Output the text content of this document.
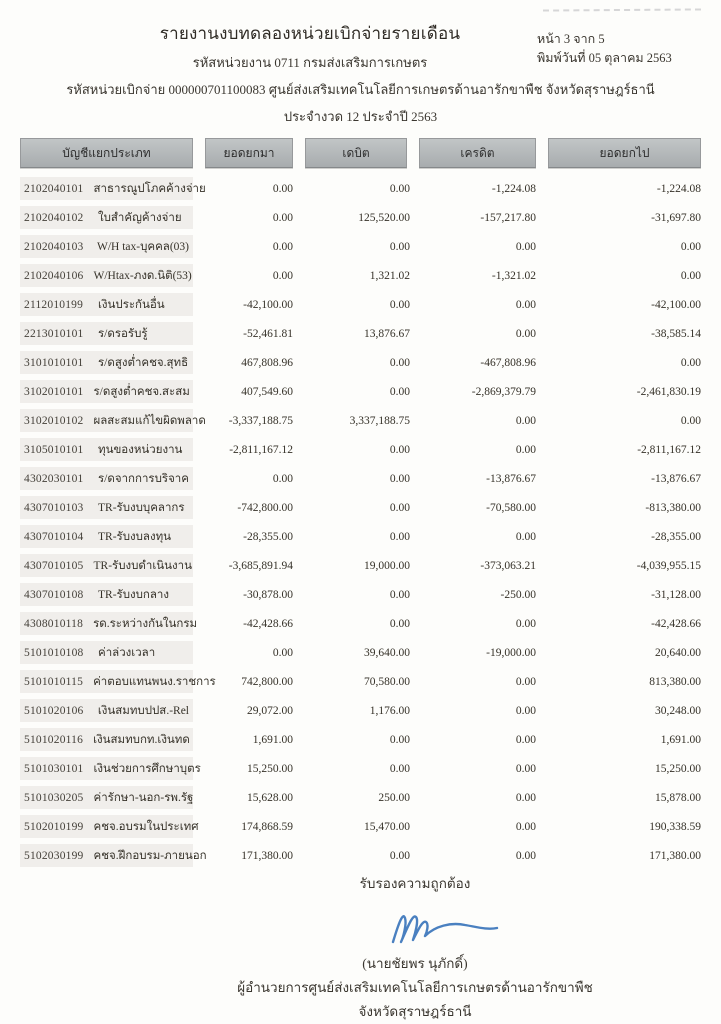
รายงานงบทดลองหน่วยเบิกจ่ายรายเดือน
รหัสหน่วยงาน 0711 กรมส่งเสริมการเกษตร
หน้า 3 จาก 5
พิมพ์วันที่ 05 ตุลาคม 2563
รหัสหน่วยเบิกจ่าย 000000701100083 ศูนย์ส่งเสริมเทคโนโลยีการเกษตรด้านอารักขาพืช จังหวัดสุราษฎร์ธานี
ประจำงวด 12 ประจำปี 2563
บัญชีแยกประเภท	ยอดยกมา	เดบิต	เครดิต	ยอดยกไป
2102040101 สาธารณูปโภคค้างจ่าย	0.00	0.00	-1,224.08	-1,224.08
2102040102	ใบสำคัญค้างจ่าย	0.00	125,520.00	-157,217.80	-31,697.80
2102040103	W/H tax-บุคคล(03)	0.00	0.00	0.00	0.00
2102040106 W/Htax-ภงด.นิติ(53)	0.00	1,321.02	-1,321.02	0.00
2112010199	เงินประกันอื่น	-42,100.00	0.00	0.00	-42,100.00
2213010101	ร/ดรอรับรู้	-52,461.81	13,876.67	0.00	-38,585.14
3101010101	ร/ดสูงต่ำคชจ.สุทธิ	467,808.96	0.00	-467,808.96	0.00
3102010101 ร/ดสูงต่ำคชจ.สะสม	407,549.60	0.00	-2,869,379.79	-2,461,830.19
3102010102 ผลสะสมแก้ไขผิดพลาด	-3,337,188.75	3,337,188.75	0.00	0.00
3105010101	ทุนของหน่วยงาน	-2,811,167.12	0.00	0.00	-2,811,167.12
4302030101	ร/ดจากการบริจาค	0.00	0.00	-13,876.67	-13,876.67
4307010103	TR-รับงบบุคลากร	-742,800.00	0.00	-70,580.00	-813,380.00
4307010104	TR-รับงบลงทุน	-28,355.00	0.00	0.00	-28,355.00
4307010105 TR-รับงบดำเนินงาน	-3,685,891.94	19,000.00	-373,063.21	-4,039,955.15
4307010108	TR-รับงบกลาง	-30,878.00	0.00	-250.00	-31,128.00
4308010118 รด.ระหว่างกันในกรม	-42,428.66	0.00	0.00	-42,428.66
5101010108	ค่าล่วงเวลา	0.00	39,640.00	-19,000.00	20,640.00
5101010115 ค่าตอบแทนพนง.ราชการ	742,800.00	70,580.00	0.00	813,380.00
5101020106	เงินสมทบปปส.-Rel	29,072.00	1,176.00	0.00	30,248.00
5101020116 เงินสมทบกท.เงินทด	1,691.00	0.00	0.00	1,691.00
5101030101 เงินช่วยการศึกษาบุตร	15,250.00	0.00	0.00	15,250.00
5101030205 ค่ารักษา-นอก-รพ.รัฐ	15,628.00	250.00	0.00	15,878.00
5102010199 คชจ.อบรมในประเทศ	174,868.59	15,470.00	0.00	190,338.59
5102030199 คชจ.ฝึกอบรม-ภายนอก	171,380.00	0.00	0.00	171,380.00
รับรองความถูกต้อง
(นายชัยพร นุภักดิ์)
ผู้อำนวยการศูนย์ส่งเสริมเทคโนโลยีการเกษตรด้านอารักขาพืช
จังหวัดสุราษฎร์ธานี
